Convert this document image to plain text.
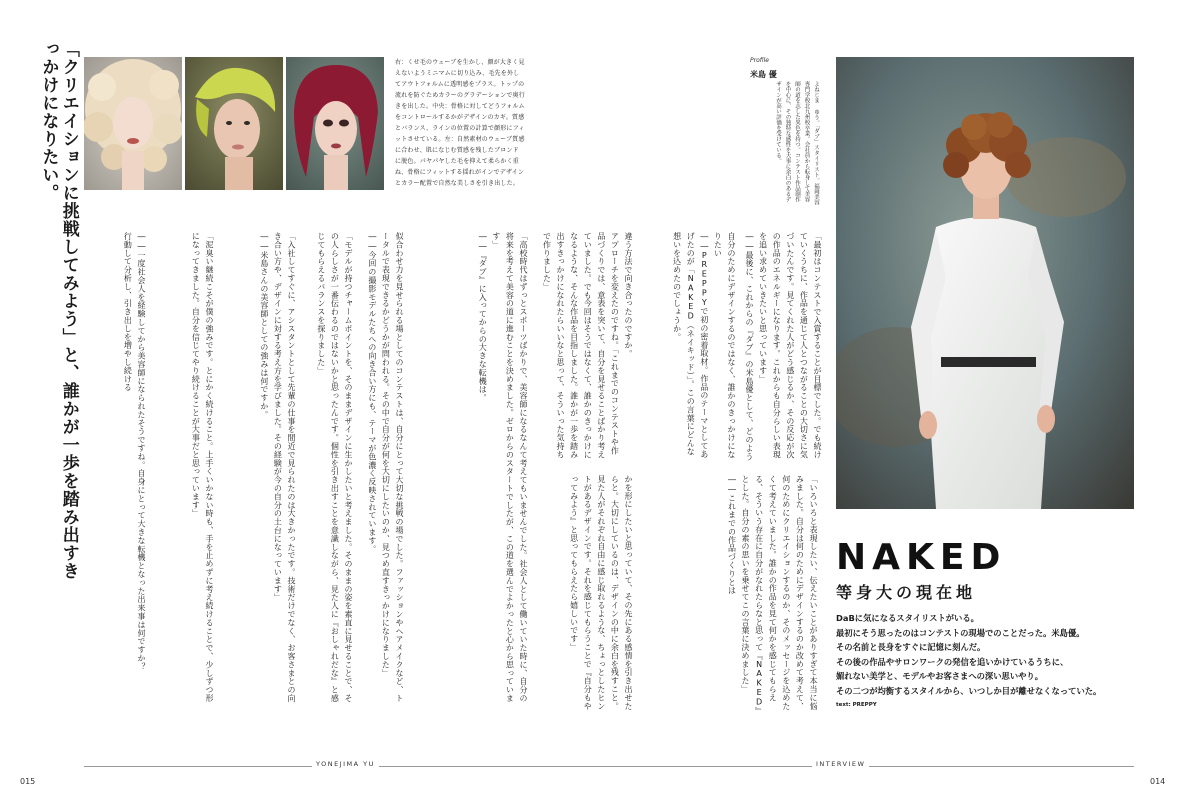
「クリエイションに挑戦してみよう」と、誰かが一歩を踏み出すきっかけになりたい。	右：くせ毛のウェーブを生かし、顔が大きく見えないようミニマムに切り込み、毛先を外してアウトフォルムに透明感をプラス。トップの流れを防ぐためカラーのグラデーションで奥行きを出した。中央：骨格に対してどうフォルムをコントロールするかがデザインのカギ。質感とバランス、ラインの位置の計算で顔形にフィットさせている。左：自然素材のウェーブ質感に合わせ、肌になじむ質感を残したブロンドに脱色。パヤパヤした毛を抑えて柔らかく重ね、骨格にフィットする揺れがインでデザインとカラー配置で自然な美しさを引き出した。
似合わせ力を見せられる場としてのコンテストは、自分にとって大切な挑戦の場でした。ファッションやヘアメイクなど、トータルで表現できるかどうかが問われる。その中で自分が何を大切にしたいのか、見つめ直すきっかけになりました」
――今回の撮影モデルたちへの向き合い方にも、テーマが色濃く反映されています。
「モデルが持つチャームポイントを、そのままデザインに生かしたいと考えました。そのままの姿を素直に見せることで、その人らしさが一番伝わるのではないかと思ったんです。個性を引き出すことを意識しながら、見た人に『おしゃれだな』と感じてもらえるバランスを探りました」
――一度社会人を経験してから美容師になられたそうですね。自身にとって大きな転機となった出来事は何ですか？
行動して分析し、引き出しを増やし続ける	「泥臭い継続こそが僕の強みです。とにかく続けること。上手くいかない時も、手を止めずに考え続けることで、少しずつ形になってきました。自分を信じてやり続けることが大事だと思っています」	「入社してすぐに、アシスタントとして先輩の仕事を間近で見られたのは大きかったです。技術だけでなく、お客さまとの向き合い方や、デザインに対する考え方を学びました。その経験が今の自分の土台になっています」
――米島さんの美容師としての強みは何ですか。	「高校時代はずっとスポーツばかりで、美容師になるなんて考えてもいませんでした。社会人として働いていた時に、自分の将来を考えて美容の道に進むことを決めました。ゼロからのスタートでしたが、この道を選んでよかったと心から思っています」
――『ダブ』に入ってからの大きな転機は。	自分のためにデザインするのではなく、誰かのきっかけになりたい
――PREPPYで初の密着取材。作品のテーマとしてあげたのが「NAKED（ネイキッド）」。この言葉にどんな想いを込めたのでしょうか。
「いろいろと表現したい、伝えたいことがありすぎて本当に悩みました。自分は何のためにデザインするのか改めて考えて、何のためにクリエイションするのか、そのメッセージを込めたくて考えていました。誰かの作品を見て何かを感じてもらえる、そういう存在に自分がなれたらなと思って『NAKED』とした。自分の素の思いを乗せてこの言葉に決めました」
――これまでの作品づくりとは
違う方法で向き合ったのですか。
アプローチを変えたのですね。「これまでのコンテストや作品づくりでは、意表を突いて、自分を見せることばかり考えていました。でも今回はそうではなくて、誰かのきっかけになるような、そんな作品を目指しました。誰かが一歩を踏み出すきっかけになれたらいいなと思って、そういった気持ちで作りました」
かを形にしたいと思っていて、その先にある感情を引き出せたらと。大切にしているのは、デザインの中に余白を残すこと。見た人がそれぞれ自由に感じ取れるような、ちょっとしたヒントがあるデザインです。それを感じてもらうことで『自分もやってみよう』と思ってもらえたら嬉しいです」
「最初はコンテストで入賞することが目標でした。でも続けていくうちに、作品を通じて人とつながることの大切さに気づいたんです。見てくれた人がどう感じるか、その反応が次の作品のエネルギーになります。これからも自分らしい表現を追い求めていきたいと思っています」
――最後に、これからの『ダブ』の米島優として、どのよう
Profile
米島 優
よねじま ゆう。「ダブ」スタイリスト。福岡美容専門学校北九州校卒業。会社員から転身して美容師の道を志した異色を持つ。コンテスト作品制作を中心に、その独特な感性を大事に余白のあるデザインが高い評価を受けている。
NAKED
等身大の現在地

DaBに気になるスタイリストがいる。

最初にそう思ったのはコンテストの現場でのことだった。米島優。

その名前と長身をすぐに記憶に刻んだ。

その後の作品やサロンワークの発信を追いかけているうちに、

媚れない美学と、モデルやお客さまへの深い思いやり。

その二つが均衡するスタイルから、いつしか目が離せなくなっていた。

text: PREPPY
YONEJIMA YU	INTERVIEW
015	014
